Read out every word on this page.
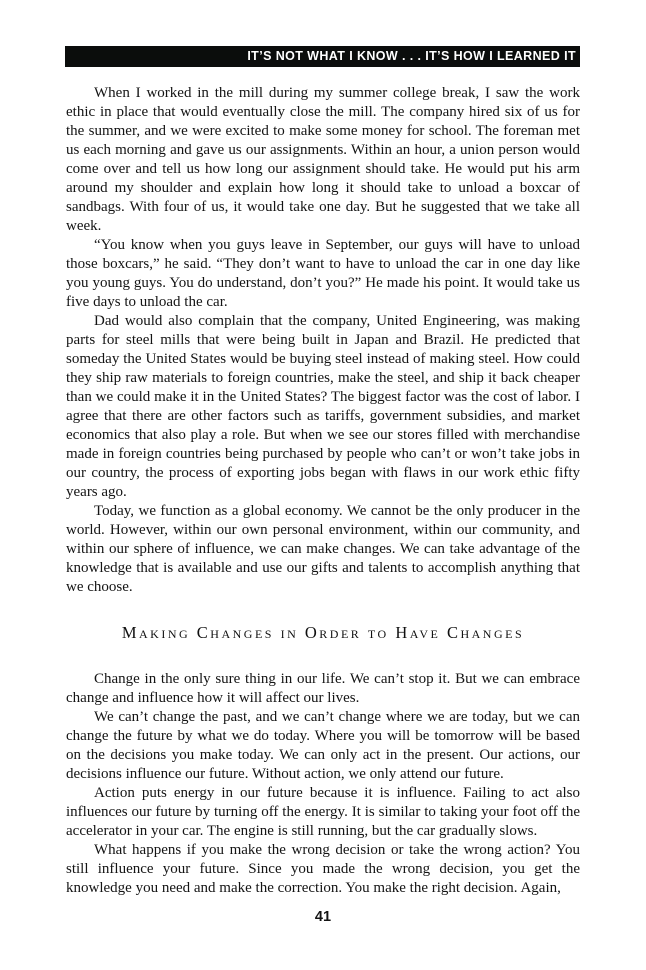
IT’S NOT WHAT I KNOW . . . IT’S HOW I LEARNED IT

When I worked in the mill during my summer college break, I saw the work ethic in place that would eventually close the mill. The company hired six of us for the summer, and we were excited to make some money for school. The foreman met us each morning and gave us our assignments. Within an hour, a union person would come over and tell us how long our assignment should take. He would put his arm around my shoulder and explain how long it should take to unload a boxcar of sandbags. With four of us, it would take one day. But he suggested that we take all week.

“You know when you guys leave in September, our guys will have to unload those boxcars,” he said. “They don’t want to have to unload the car in one day like you young guys. You do understand, don’t you?” He made his point. It would take us five days to unload the car.

Dad would also complain that the company, United Engineering, was making parts for steel mills that were being built in Japan and Brazil. He predicted that someday the United States would be buying steel instead of making steel. How could they ship raw materials to foreign countries, make the steel, and ship it back cheaper than we could make it in the United States? The biggest factor was the cost of labor. I agree that there are other factors such as tariffs, government subsidies, and market economics that also play a role. But when we see our stores filled with merchandise made in foreign countries being purchased by people who can’t or won’t take jobs in our country, the process of exporting jobs began with flaws in our work ethic fifty years ago.

Today, we function as a global economy. We cannot be the only producer in the world. However, within our own personal environment, within our community, and within our sphere of influence, we can make changes. We can take advantage of the knowledge that is available and use our gifts and talents to accomplish anything that we choose.

Making Changes in Order to Have Changes

Change in the only sure thing in our life. We can’t stop it. But we can embrace change and influence how it will affect our lives.

We can’t change the past, and we can’t change where we are today, but we can change the future by what we do today. Where you will be tomorrow will be based on the decisions you make today. We can only act in the present. Our actions, our decisions influence our future. Without action, we only attend our future.

Action puts energy in our future because it is influence. Failing to act also influences our future by turning off the energy. It is similar to taking your foot off the accelerator in your car. The engine is still running, but the car gradually slows.

What happens if you make the wrong decision or take the wrong action? You still influence your future. Since you made the wrong decision, you get the knowledge you need and make the correction. You make the right decision. Again,

41
